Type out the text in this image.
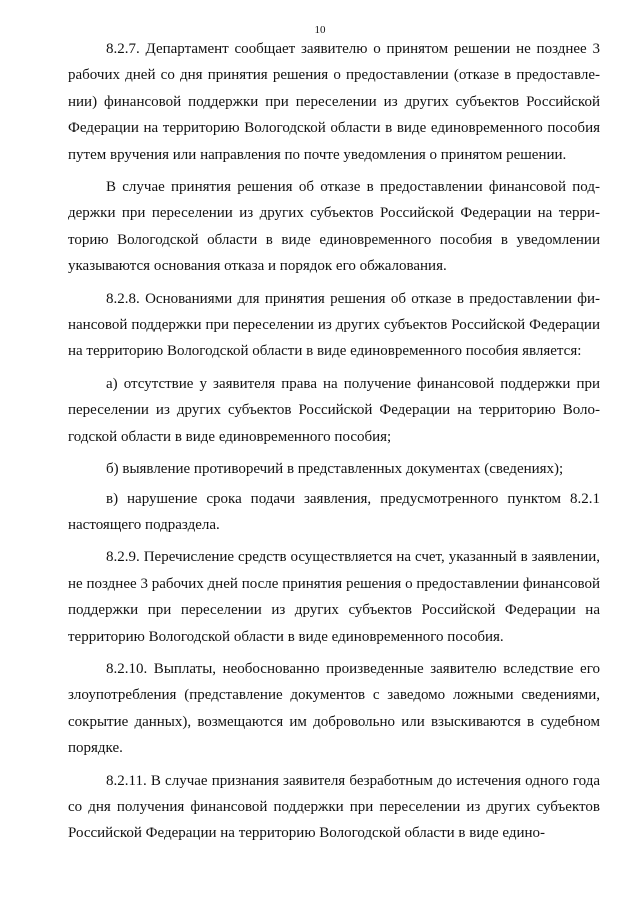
10

8.2.7. Департамент сообщает заявителю о принятом решении не позднее 3 рабочих дней со дня принятия решения о предоставлении (отказе в предоставлении) финансовой поддержки при переселении из других субъектов Российской Федерации на территорию Вологодской области в виде единовременного пособия путем вручения или направления по почте уведомления о принятом решении.

В случае принятия решения об отказе в предоставлении финансовой поддержки при переселении из других субъектов Российской Федерации на территорию Вологодской области в виде единовременного пособия в уведомлении указываются основания отказа и порядок его обжалования.

8.2.8. Основаниями для принятия решения об отказе в предоставлении финансовой поддержки при переселении из других субъектов Российской Федерации на территорию Вологодской области в виде единовременного пособия является:

а) отсутствие у заявителя права на получение финансовой поддержки при переселении из других субъектов Российской Федерации на территорию Вологодской области в виде единовременного пособия;

б) выявление противоречий в представленных документах (сведениях);

в) нарушение срока подачи заявления, предусмотренного пунктом 8.2.1 настоящего подраздела.

8.2.9. Перечисление средств осуществляется на счет, указанный в заявлении, не позднее 3 рабочих дней после принятия решения о предоставлении финансовой поддержки при переселении из других субъектов Российской Федерации на территорию Вологодской области в виде единовременного пособия.

8.2.10. Выплаты, необоснованно произведенные заявителю вследствие его злоупотребления (представление документов с заведомо ложными сведениями, сокрытие данных), возмещаются им добровольно или взыскиваются в судебном порядке.

8.2.11. В случае признания заявителя безработным до истечения одного года со дня получения финансовой поддержки при переселении из других субъектов Российской Федерации на территорию Вологодской области в виде едино-
